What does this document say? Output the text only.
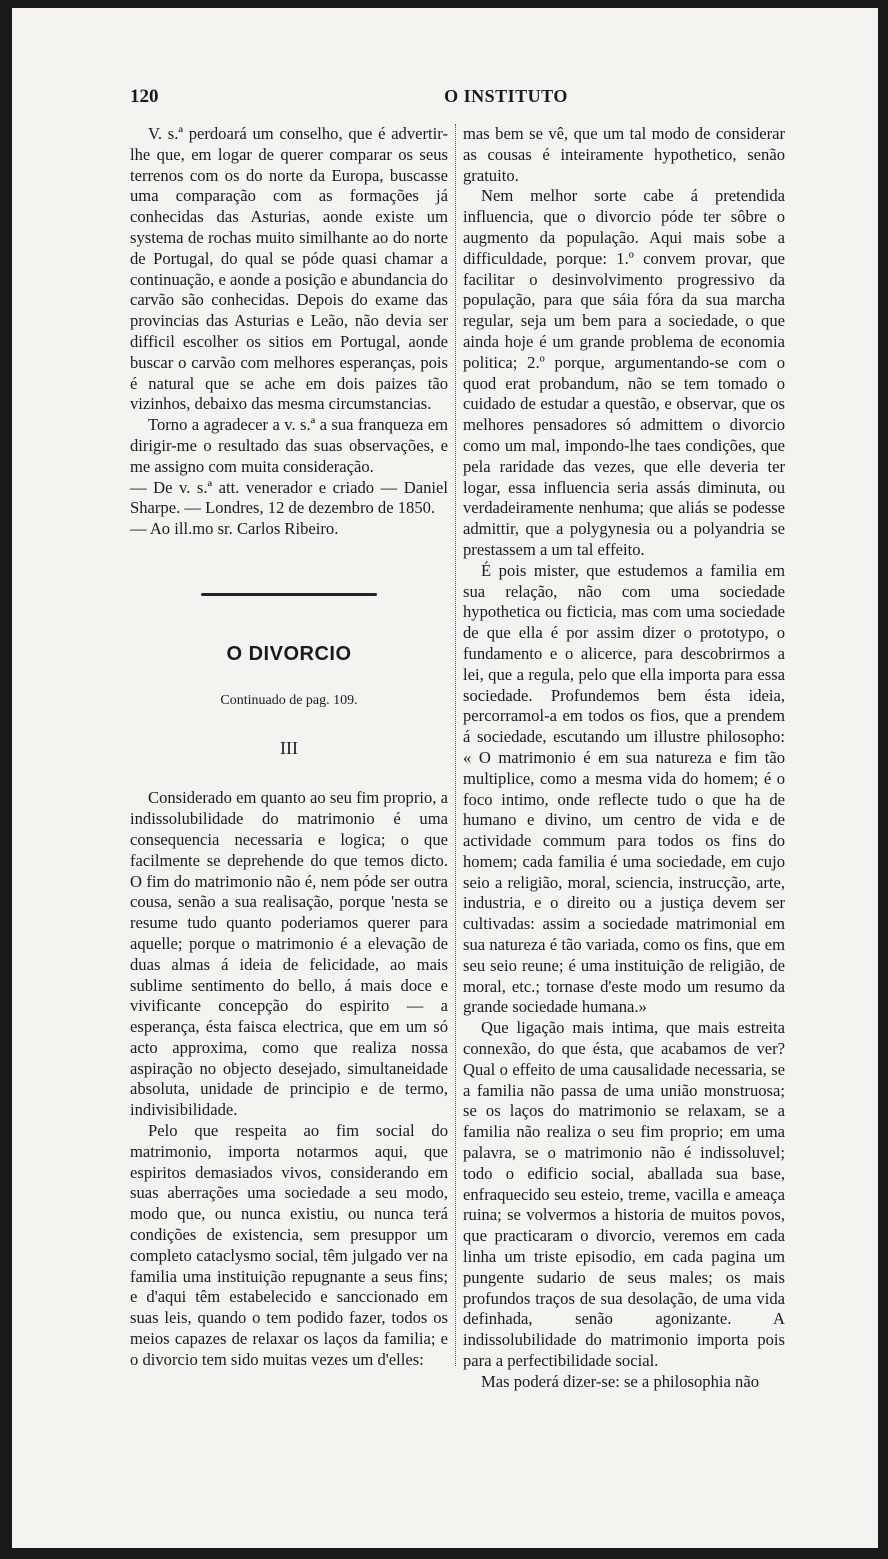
120	O INSTITUTO

V. s.ª perdoará um conselho, que é advertir-lhe que, em logar de querer comparar os seus terrenos com os do norte da Europa, buscasse uma comparação com as formações já conhecidas das Asturias, aonde existe um systema de rochas muito similhante ao do norte de Portugal, do qual se póde quasi chamar a continuação, e aonde a posição e abundancia do carvão são conhecidas. Depois do exame das provincias das Asturias e Leão, não devia ser difficil escolher os sitios em Portugal, aonde buscar o carvão com melhores esperanças, pois é natural que se ache em dois paizes tão vizinhos, debaixo das mesma circumstancias.

Torno a agradecer a v. s.ª a sua franqueza em dirigir-me o resultado das suas observações, e me assigno com muita consideração.

— De v. s.ª att. venerador e criado — Daniel Sharpe. — Londres, 12 de dezembro de 1850.

— Ao ill.mo sr. Carlos Ribeiro.

O DIVORCIO
Continuado de pag. 109.
III

Considerado em quanto ao seu fim proprio, a indissolubilidade do matrimonio é uma consequencia necessaria e logica; o que facilmente se deprehende do que temos dicto. O fim do matrimonio não é, nem póde ser outra cousa, senão a sua realisação, porque 'nesta se resume tudo quanto poderiamos querer para aquelle; porque o matrimonio é a elevação de duas almas á ideia de felicidade, ao mais sublime sentimento do bello, á mais doce e vivificante concepção do espirito — a esperança, ésta faisca electrica, que em um só acto approxima, como que realiza nossa aspiração no objecto desejado, simultaneidade absoluta, unidade de principio e de termo, indivisibilidade.

Pelo que respeita ao fim social do matrimonio, importa notarmos aqui, que espiritos demasiados vivos, considerando em suas aberrações uma sociedade a seu modo, modo que, ou nunca existiu, ou nunca terá condições de existencia, sem presuppor um completo cataclysmo social, têm julgado ver na familia uma instituição repugnante a seus fins; e d'aqui têm estabelecido e sanccionado em suas leis, quando o tem podido fazer, todos os meios capazes de relaxar os laços da familia; e o divorcio tem sido muitas vezes um d'elles:

mas bem se vê, que um tal modo de considerar as cousas é inteiramente hypothetico, senão gratuito.

Nem melhor sorte cabe á pretendida influencia, que o divorcio póde ter sôbre o augmento da população. Aqui mais sobe a difficuldade, porque: 1.º convem provar, que facilitar o desinvolvimento progressivo da população, para que sáia fóra da sua marcha regular, seja um bem para a sociedade, o que ainda hoje é um grande problema de economia politica; 2.º porque, argumentando-se com o quod erat probandum, não se tem tomado o cuidado de estudar a questão, e observar, que os melhores pensadores só admittem o divorcio como um mal, impondo-lhe taes condições, que pela raridade das vezes, que elle deveria ter logar, essa influencia seria assás diminuta, ou verdadeiramente nenhuma; que aliás se podesse admittir, que a polygynesia ou a polyandria se prestassem a um tal effeito.

É pois mister, que estudemos a familia em sua relação, não com uma sociedade hypothetica ou ficticia, mas com uma sociedade de que ella é por assim dizer o prototypo, o fundamento e o alicerce, para descobrirmos a lei, que a regula, pelo que ella importa para essa sociedade. Profundemos bem ésta ideia, percorramol-a em todos os fios, que a prendem á sociedade, escutando um illustre philosopho: « O matrimonio é em sua natureza e fim tão multiplice, como a mesma vida do homem; é o foco intimo, onde reflecte tudo o que ha de humano e divino, um centro de vida e de actividade commum para todos os fins do homem; cada familia é uma sociedade, em cujo seio a religião, moral, sciencia, instrucção, arte, industria, e o direito ou a justiça devem ser cultivadas: assim a sociedade matrimonial em sua natureza é tão variada, como os fins, que em seu seio reune; é uma instituição de religião, de moral, etc.; tornase d'este modo um resumo da grande sociedade humana.»

Que ligação mais intima, que mais estreita connexão, do que ésta, que acabamos de ver? Qual o effeito de uma causalidade necessaria, se a familia não passa de uma união monstruosa; se os laços do matrimonio se relaxam, se a familia não realiza o seu fim proprio; em uma palavra, se o matrimonio não é indissoluvel; todo o edificio social, aballada sua base, enfraquecido seu esteio, treme, vacilla e ameaça ruina; se volvermos a historia de muitos povos, que practicaram o divorcio, veremos em cada linha um triste episodio, em cada pagina um pungente sudario de seus males; os mais profundos traços de sua desolação, de uma vida definhada, senão agonizante. A indissolubilidade do matrimonio importa pois para a perfectibilidade social.

Mas poderá dizer-se: se a philosophia não
